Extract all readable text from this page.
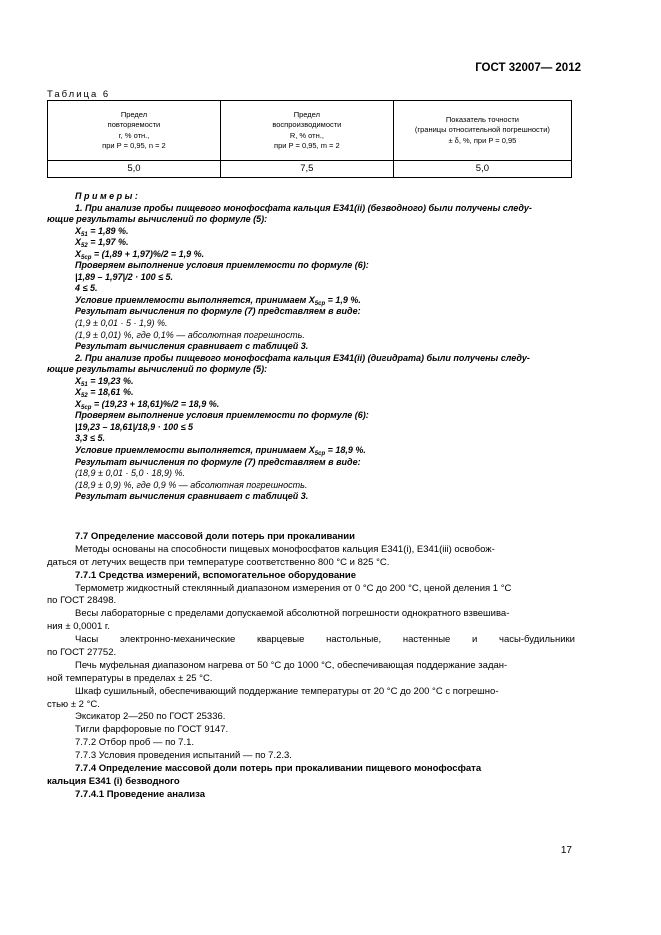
ГОСТ 32007— 2012
Таблица 6
Предел
повторяемости
r, % отн.,
при P = 0,95, n = 2	Предел
воспроизводимости
R, % отн.,
при P = 0,95, m = 2	Показатель точности
(границы относительной погрешности)
± δ, %, при P = 0,95

5,0	7,5	5,0
П р и м е р ы :
1. При анализе пробы пищевого монофосфата кальция Е341(ii) (безводного) были получены следу-
ющие результаты вычислений по формуле (5):
$X_{51} = 1,89$ %.
$X_{52} = 1,97$ %.
$X_{5ср} = (1,89 + 1,97)\%/2 = 1,9$ %.
Проверяем выполнение условия приемлемости по формуле (6):
|1,89 – 1,97|/2 · 100 ≤ 5.
4 ≤ 5.
Условие приемлемости выполняется, принимаем $X_{5ср} = 1,9$ %.
Результат вычисления по формуле (7) представляем в виде:
(1,9 ± 0,01 · 5 · 1,9) %.
(1,9 ± 0,01) %, где 0,1% — абсолютная погрешность.
Результат вычисления сравнивает с таблицей 3.
2. При анализе пробы пищевого монофосфата кальция Е341(ii) (дигидрата) были получены следу-
ющие результаты вычислений по формуле (5):
$X_{51} = 19,23$ %.
$X_{52} = 18,61$ %.
$X_{5ср} = (19,23 + 18,61)\%/2 = 18,9$ %.
Проверяем выполнение условия приемлемости по формуле (6):
|19,23 – 18,61|/18,9 · 100 ≤ 5
3,3 ≤ 5.
Условие приемлемости выполняется, принимаем $X_{5ср} = 18,9$ %.
Результат вычисления по формуле (7) представляем в виде:
(18,9 ± 0,01 · 5,0 · 18,9) %.
(18,9 ± 0,9) %, где 0,9 % — абсолютная погрешность.
Результат вычисления сравнивает с таблицей 3.
7.7 Определение массовой доли потерь при прокаливании
Методы основаны на способности пищевых монофосфатов кальция Е341(i), Е341(iii) освобож-
даться от летучих веществ при температуре соответственно 800 °С и 825 °С.
7.7.1 Средства измерений, вспомогательное оборудование
Термометр жидкостный стеклянный диапазоном измерения от 0 °С до 200 °С, ценой деления 1 °С
по ГОСТ 28498.
Весы лабораторные с пределами допускаемой абсолютной погрешности однократного взвешива-
ния ± 0,0001 г.
Часы электронно-механические кварцевые настольные, настенные и часы-будильники
по ГОСТ 27752.
Печь муфельная диапазоном нагрева от 50 °С до 1000 °С, обеспечивающая поддержание задан-
ной температуры в пределах ± 25 °С.
Шкаф сушильный, обеспечивающий поддержание температуры от 20 °С до 200 °С с погрешно-
стью ± 2 °С.
Эксикатор 2—250 по ГОСТ 25336.
Тигли фарфоровые по ГОСТ 9147.
7.7.2 Отбор проб — по 7.1.
7.7.3 Условия проведения испытаний — по 7.2.3.
7.7.4 Определение массовой доли потерь при прокаливании пищевого монофосфата
кальция Е341 (i) безводного
7.7.4.1 Проведение анализа
17
